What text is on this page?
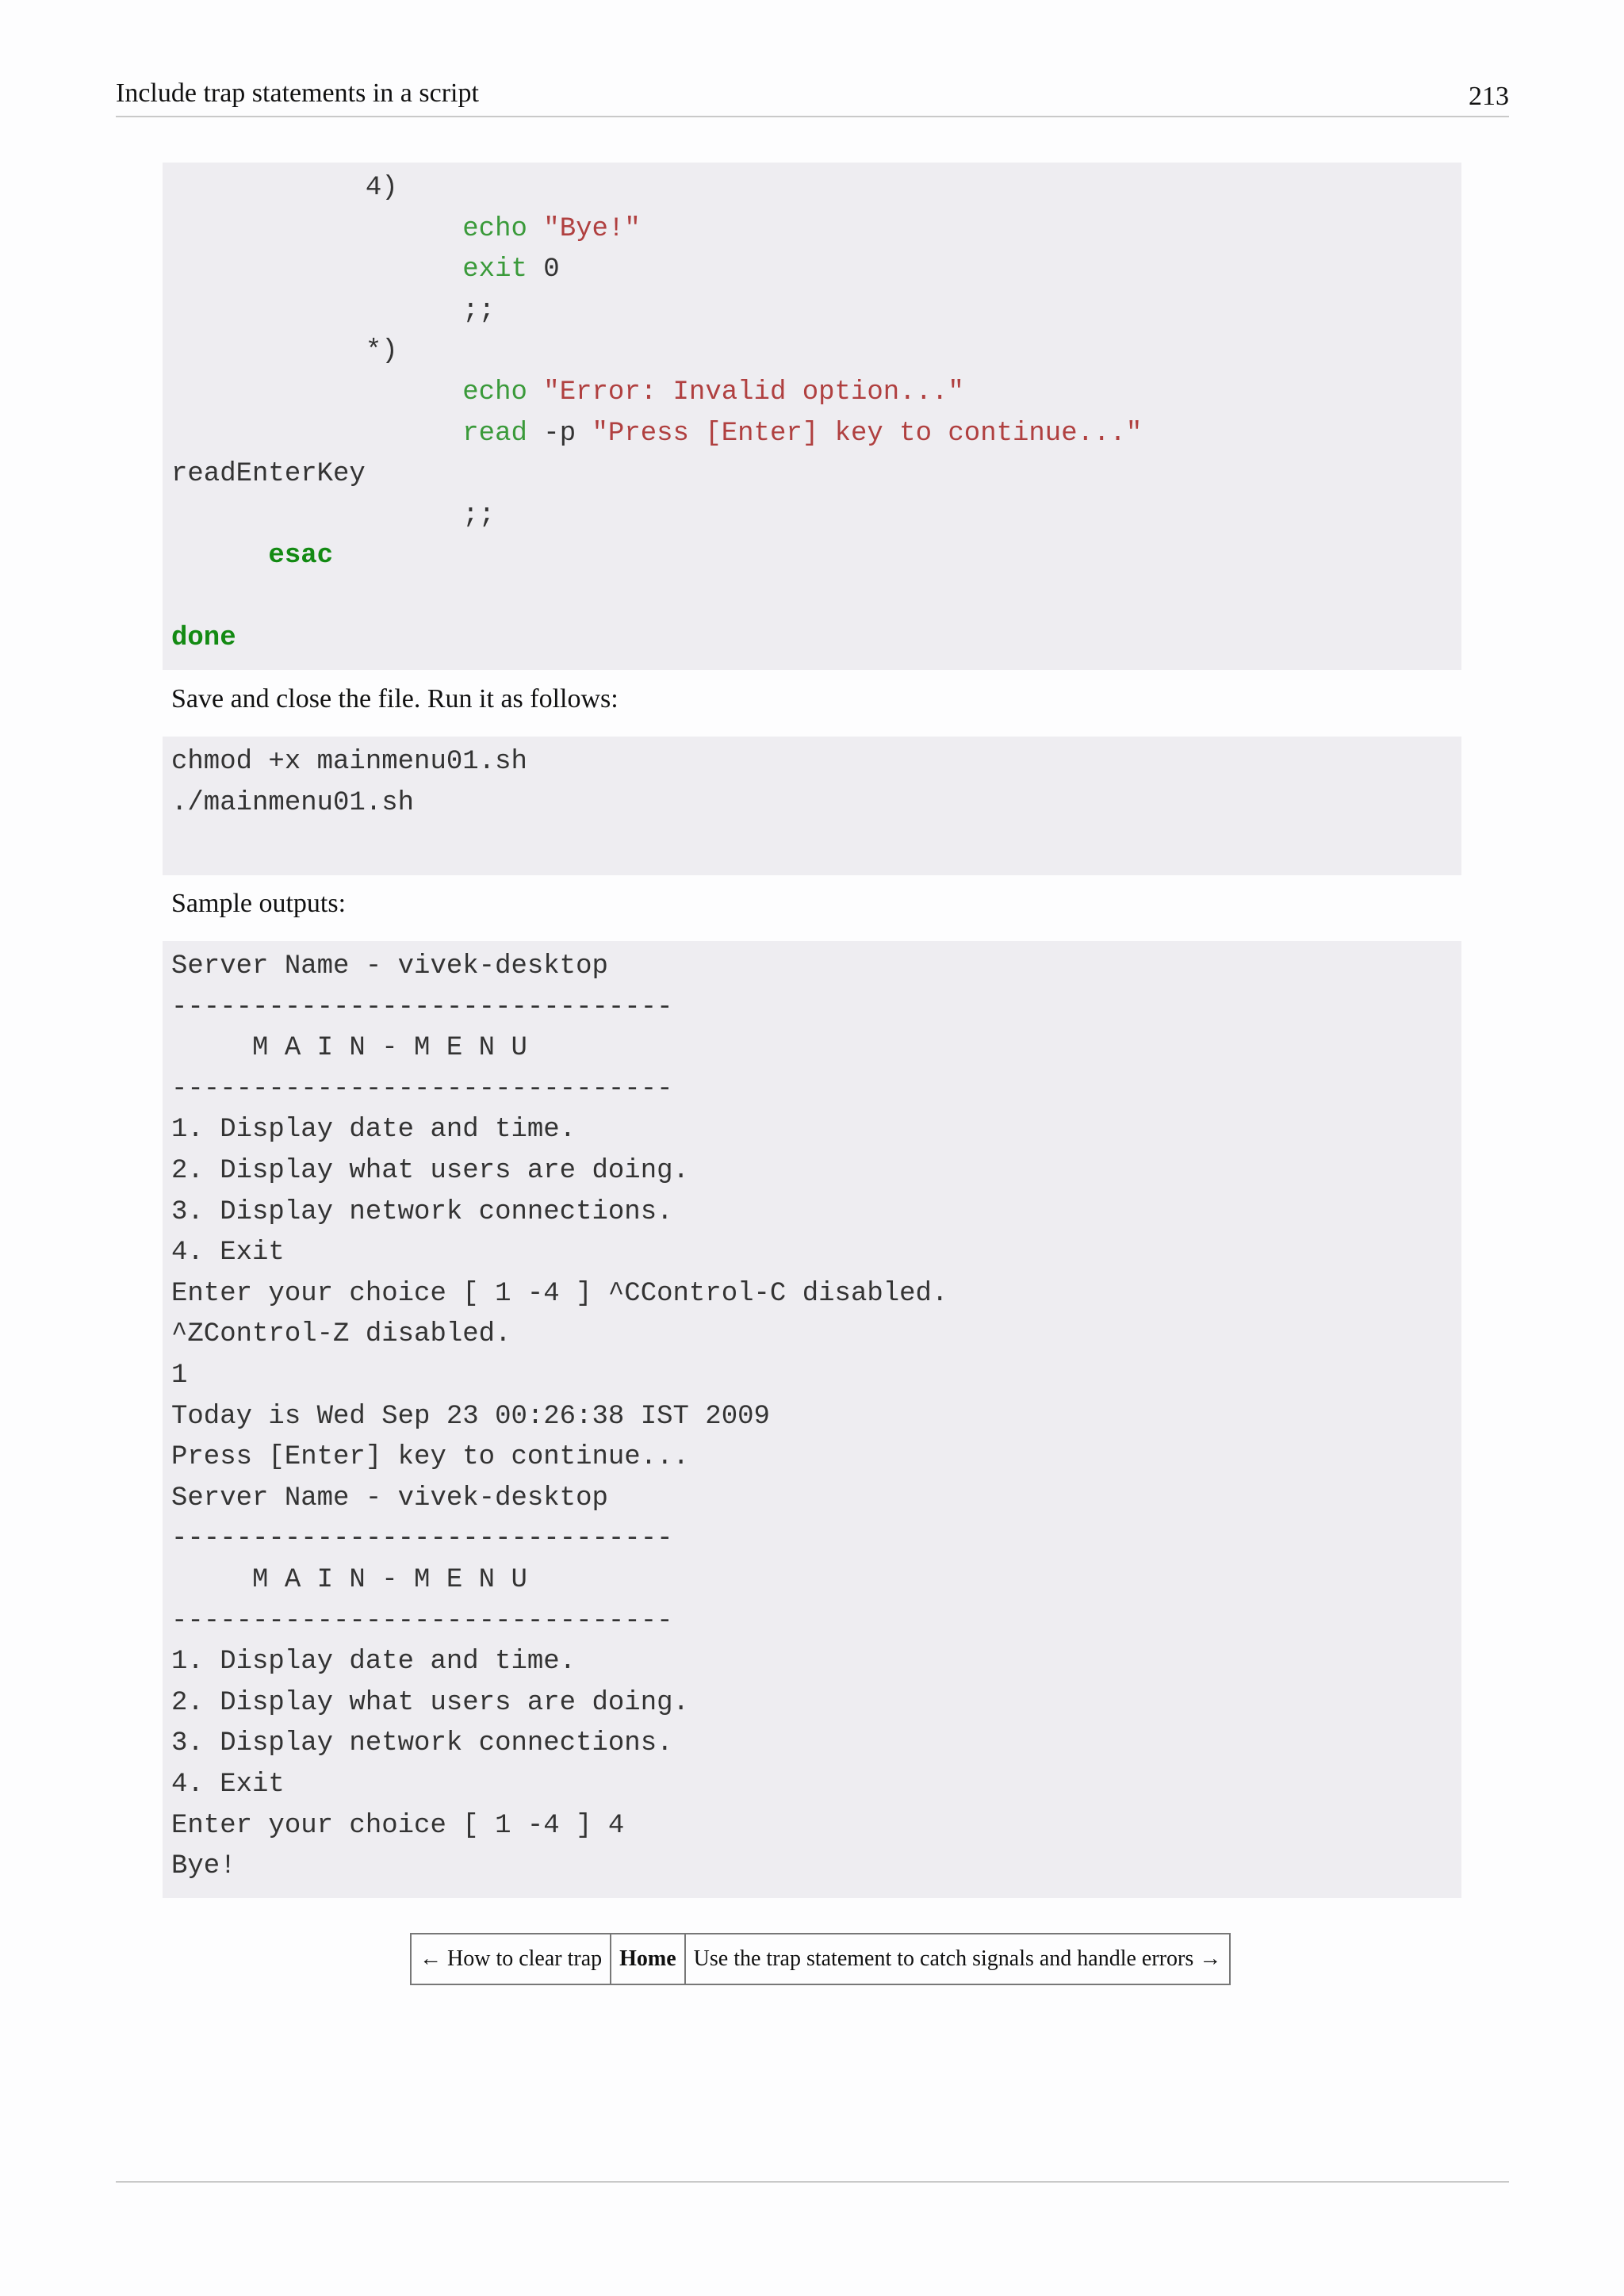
Include trap statements in a script	213
4)
echo "Bye!"
exit 0
;;
*)
echo "Error: Invalid option..."
read -p "Press [Enter] key to continue..."
readEnterKey
;;
esac
done
Save and close the file. Run it as follows:
chmod +x mainmenu01.sh
./mainmenu01.sh
Sample outputs:
Server Name - vivek-desktop
-------------------------------
M A I N - M E N U
-------------------------------
1. Display date and time.
2. Display what users are doing.
3. Display network connections.
4. Exit
Enter your choice [ 1 -4 ] ^CControl-C disabled.
^ZControl-Z disabled.
1
Today is Wed Sep 23 00:26:38 IST 2009
Press [Enter] key to continue...
Server Name - vivek-desktop
-------------------------------
M A I N - M E N U
-------------------------------
1. Display date and time.
2. Display what users are doing.
3. Display network connections.
4. Exit
Enter your choice [ 1 -4 ] 4
Bye!
← How to clear trap Home Use the trap statement to catch signals and handle errors →
